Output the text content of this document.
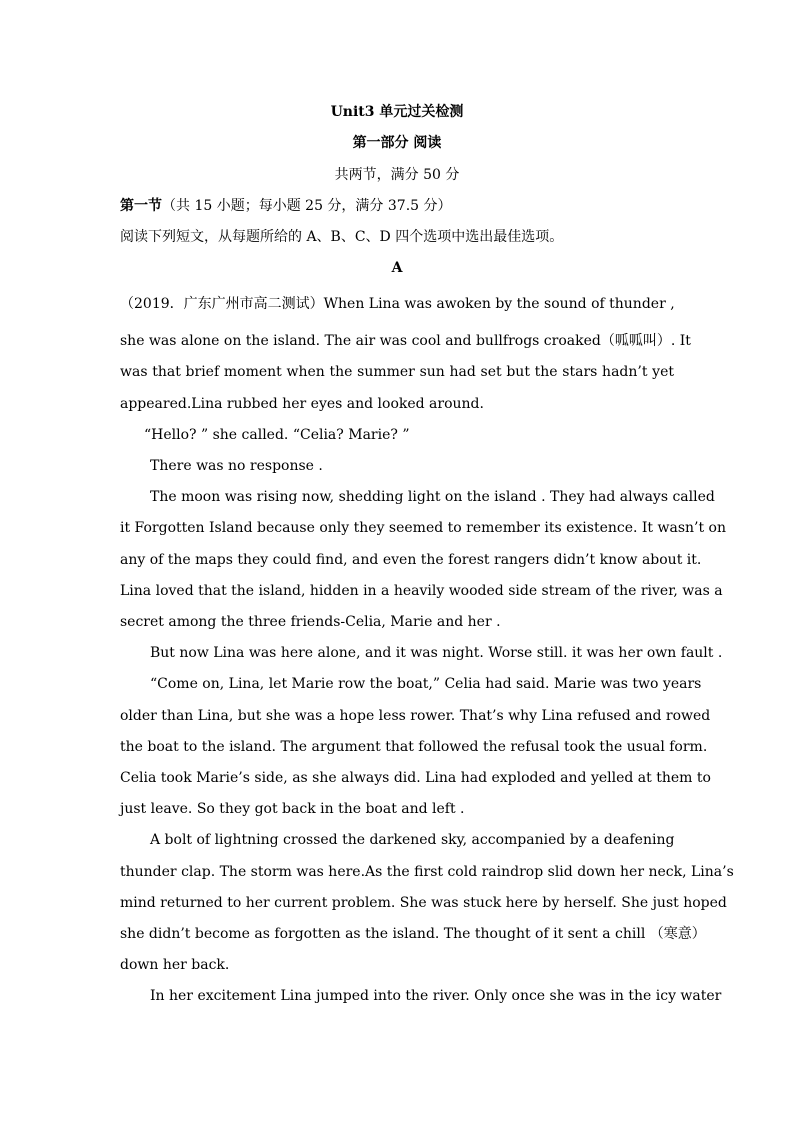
Unit3 单元过关检测
第一部分 阅读
共两节，满分 50 分
第一节（共 15 小题；每小题 25 分，满分 37.5 分）
阅读下列短文，从每题所给的 A、B、C、D 四个选项中选出最佳选项。
A
（2019．广东广州市高二测试）When Lina was awoken by the sound of thunder ,
she was alone on the island. The air was cool and bullfrogs croaked（呱呱叫）. It
was that brief moment when the summer sun had set but the stars hadn’t yet
appeared.Lina rubbed her eyes and looked around.
“Hello? ” she called. “Celia? Marie? ”
There was no response .
The moon was rising now, shedding light on the island . They had always called
it Forgotten Island because only they seemed to remember its existence. It wasn’t on
any of the maps they could find, and even the forest rangers didn’t know about it.
Lina loved that the island, hidden in a heavily wooded side stream of the river, was a
secret among the three friends-Celia, Marie and her .
But now Lina was here alone, and it was night. Worse still. it was her own fault .
“Come on, Lina, let Marie row the boat,” Celia had said. Marie was two years
older than Lina, but she was a hope less rower. That’s why Lina refused and rowed
the boat to the island. The argument that followed the refusal took the usual form.
Celia took Marie’s side, as she always did. Lina had exploded and yelled at them to
just leave. So they got back in the boat and left .
A bolt of lightning crossed the darkened sky, accompanied by a deafening
thunder clap. The storm was here.As the first cold raindrop slid down her neck, Lina’s
mind returned to her current problem. She was stuck here by herself. She just hoped
she didn’t become as forgotten as the island. The thought of it sent a chill （寒意）
down her back.
In her excitement Lina jumped into the river. Only once she was in the icy water
